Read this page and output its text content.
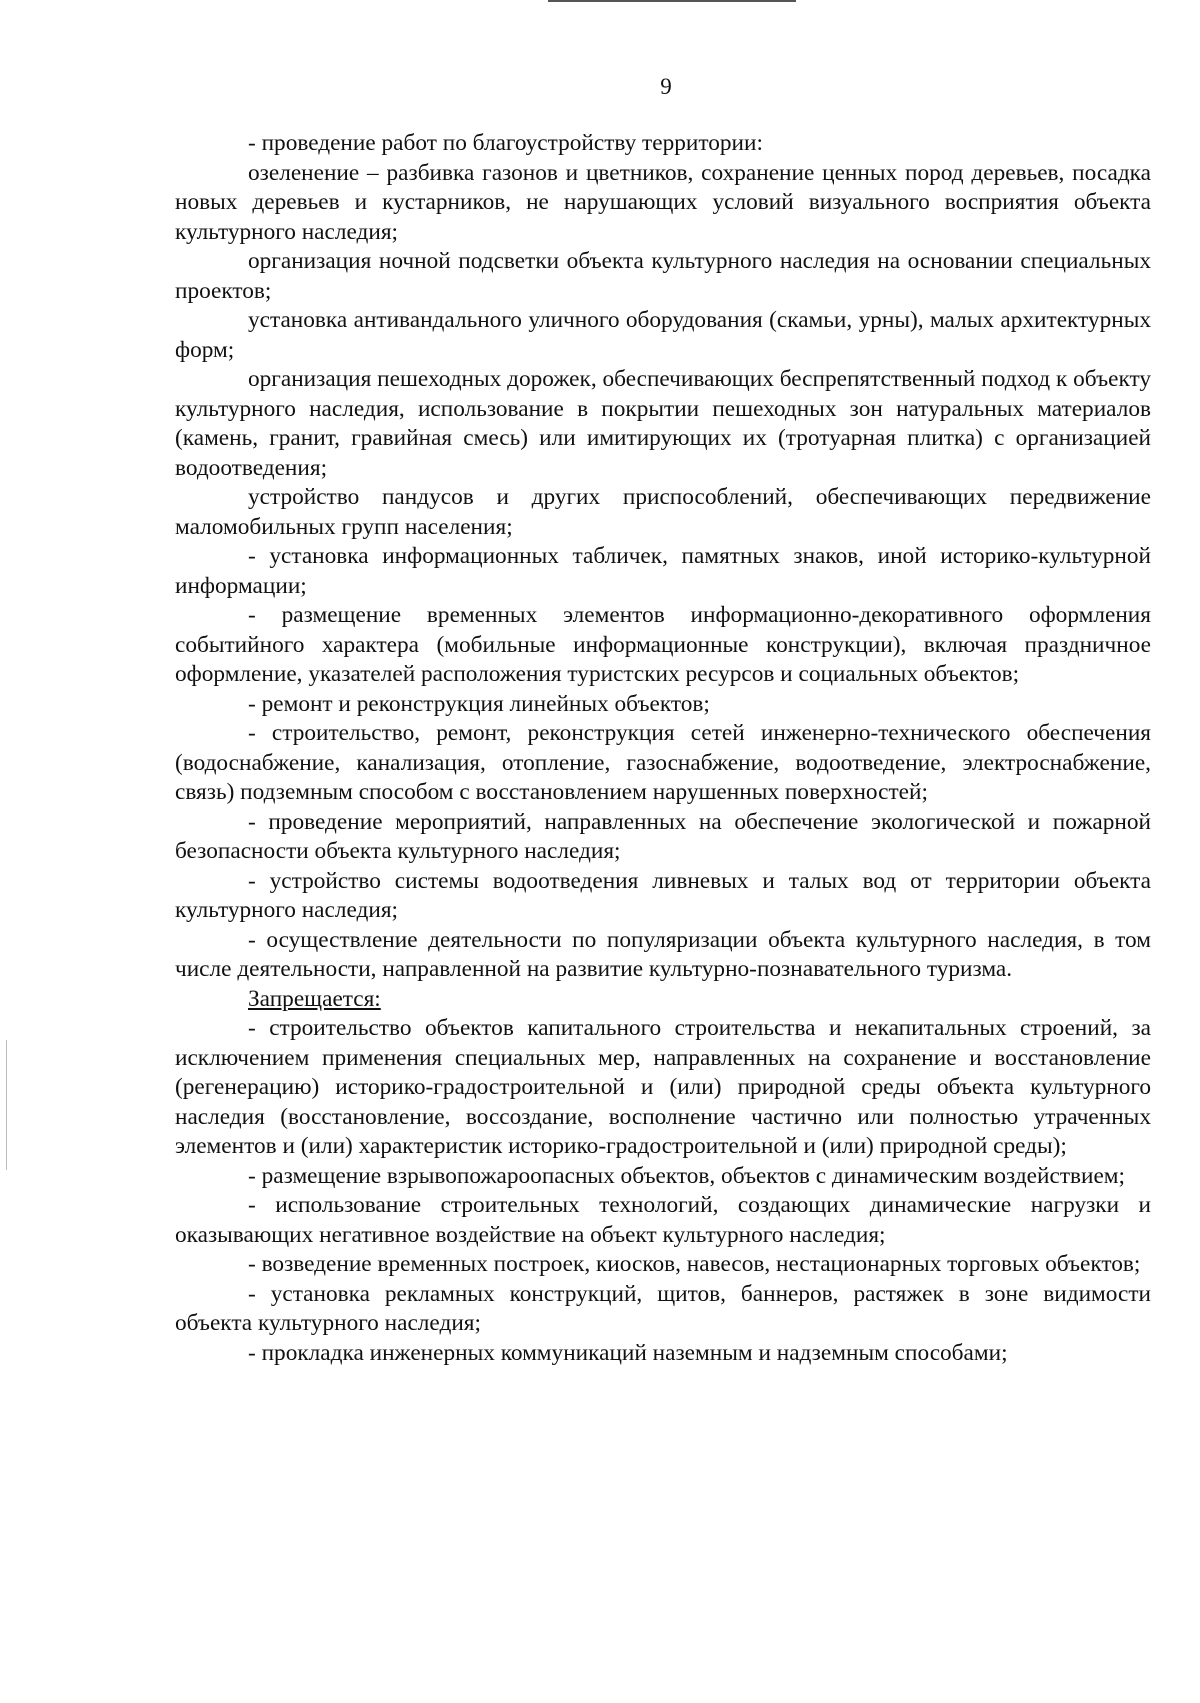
9

- проведение работ по благоустройству территории:

озеленение – разбивка газонов и цветников, сохранение ценных пород деревьев, посадка новых деревьев и кустарников, не нарушающих условий визуального восприятия объекта культурного наследия;

организация ночной подсветки объекта культурного наследия на основании специальных проектов;

установка антивандального уличного оборудования (скамьи, урны), малых архитектурных форм;

организация пешеходных дорожек, обеспечивающих беспрепятственный подход к объекту культурного наследия, использование в покрытии пешеходных зон натуральных материалов (камень, гранит, гравийная смесь) или имитирующих их (тротуарная плитка) с организацией водоотведения;

устройство пандусов и других приспособлений, обеспечивающих передвижение маломобильных групп населения;

- установка информационных табличек, памятных знаков, иной историко-культурной информации;

- размещение временных элементов информационно-декоративного оформления событийного характера (мобильные информационные конструкции), включая праздничное оформление, указателей расположения туристских ресурсов и социальных объектов;

- ремонт и реконструкция линейных объектов;

- строительство, ремонт, реконструкция сетей инженерно-технического обеспечения (водоснабжение, канализация, отопление, газоснабжение, водоотведение, электроснабжение, связь) подземным способом с восстановлением нарушенных поверхностей;

- проведение мероприятий, направленных на обеспечение экологической и пожарной безопасности объекта культурного наследия;

- устройство системы водоотведения ливневых и талых вод от территории объекта культурного наследия;

- осуществление деятельности по популяризации объекта культурного наследия, в том числе деятельности, направленной на развитие культурно-познавательного туризма.

Запрещается:

- строительство объектов капитального строительства и некапитальных строений, за исключением применения специальных мер, направленных на сохранение и восстановление (регенерацию) историко-градостроительной и (или) природной среды объекта культурного наследия (восстановление, воссоздание, восполнение частично или полностью утраченных элементов и (или) характеристик историко-градостроительной и (или) природной среды);

- размещение взрывопожароопасных объектов, объектов с динамическим воздействием;

- использование строительных технологий, создающих динамические нагрузки и оказывающих негативное воздействие на объект культурного наследия;

- возведение временных построек, киосков, навесов, нестационарных торговых объектов;

- установка рекламных конструкций, щитов, баннеров, растяжек в зоне видимости объекта культурного наследия;

- прокладка инженерных коммуникаций наземным и надземным способами;
